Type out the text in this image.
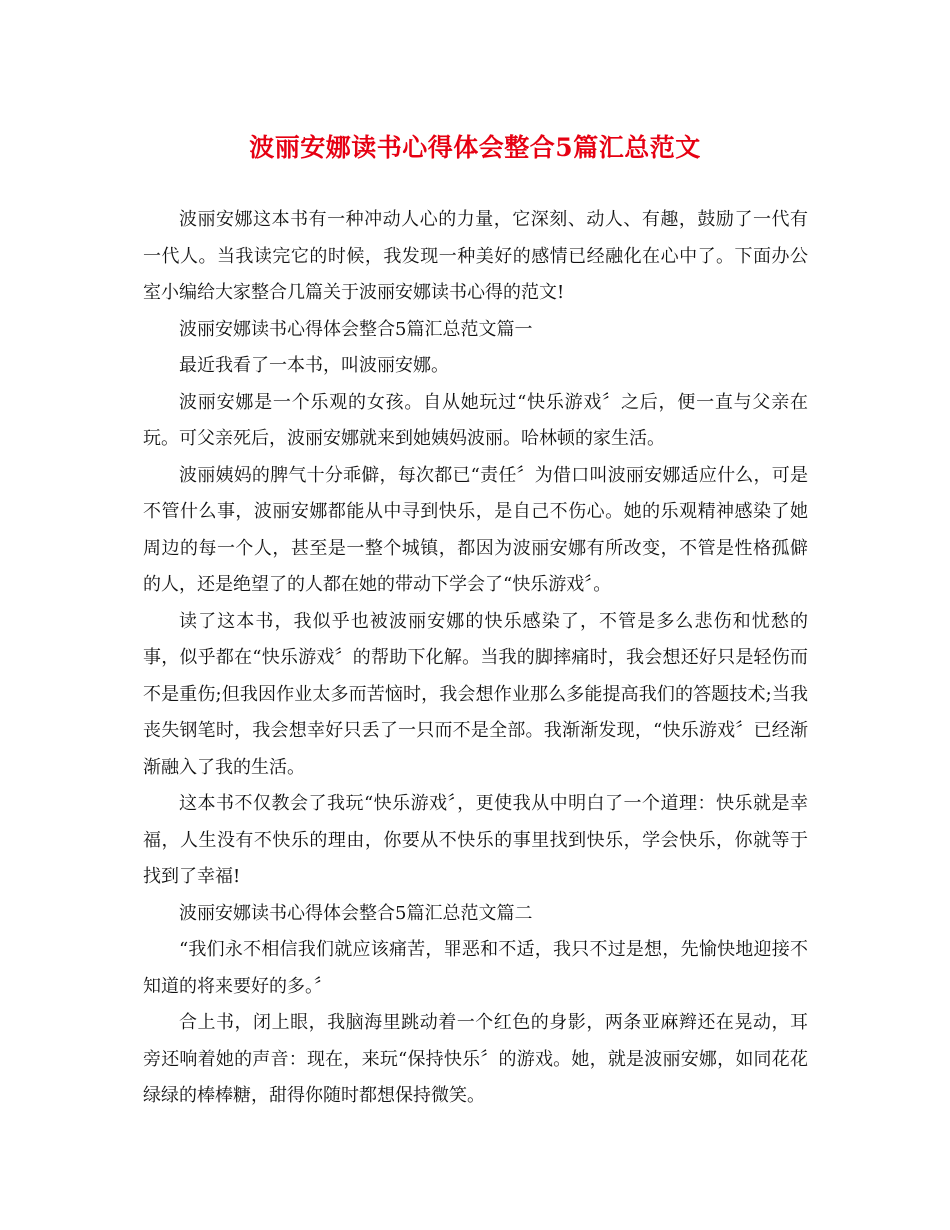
波丽安娜读书心得体会整合5篇汇总范文

波丽安娜这本书有一种冲动人心的力量，它深刻、动人、有趣，鼓励了一代有一代人。当我读完它的时候，我发现一种美好的感情已经融化在心中了。下面办公室小编给大家整合几篇关于波丽安娜读书心得的范文!

波丽安娜读书心得体会整合5篇汇总范文篇一

最近我看了一本书，叫波丽安娜。

波丽安娜是一个乐观的女孩。自从她玩过“快乐游戏〞之后，便一直与父亲在玩。可父亲死后，波丽安娜就来到她姨妈波丽。哈林顿的家生活。

波丽姨妈的脾气十分乖僻，每次都已“责任〞为借口叫波丽安娜适应什么，可是不管什么事，波丽安娜都能从中寻到快乐，是自己不伤心。她的乐观精神感染了她周边的每一个人，甚至是一整个城镇，都因为波丽安娜有所改变，不管是性格孤僻的人，还是绝望了的人都在她的带动下学会了“快乐游戏〞。

读了这本书，我似乎也被波丽安娜的快乐感染了，不管是多么悲伤和忧愁的事，似乎都在“快乐游戏〞的帮助下化解。当我的脚摔痛时，我会想还好只是轻伤而不是重伤;但我因作业太多而苦恼时，我会想作业那么多能提高我们的答题技术;当我丧失钢笔时，我会想幸好只丢了一只而不是全部。我渐渐发现，“快乐游戏〞已经渐渐融入了我的生活。

这本书不仅教会了我玩“快乐游戏〞，更使我从中明白了一个道理：快乐就是幸福，人生没有不快乐的理由，你要从不快乐的事里找到快乐，学会快乐，你就等于找到了幸福!

波丽安娜读书心得体会整合5篇汇总范文篇二

“我们永不相信我们就应该痛苦，罪恶和不适，我只不过是想，先愉快地迎接不知道的将来要好的多。〞

合上书，闭上眼，我脑海里跳动着一个红色的身影，两条亚麻辫还在晃动，耳旁还响着她的声音：现在，来玩“保持快乐〞的游戏。她，就是波丽安娜，如同花花绿绿的棒棒糖，甜得你随时都想保持微笑。
